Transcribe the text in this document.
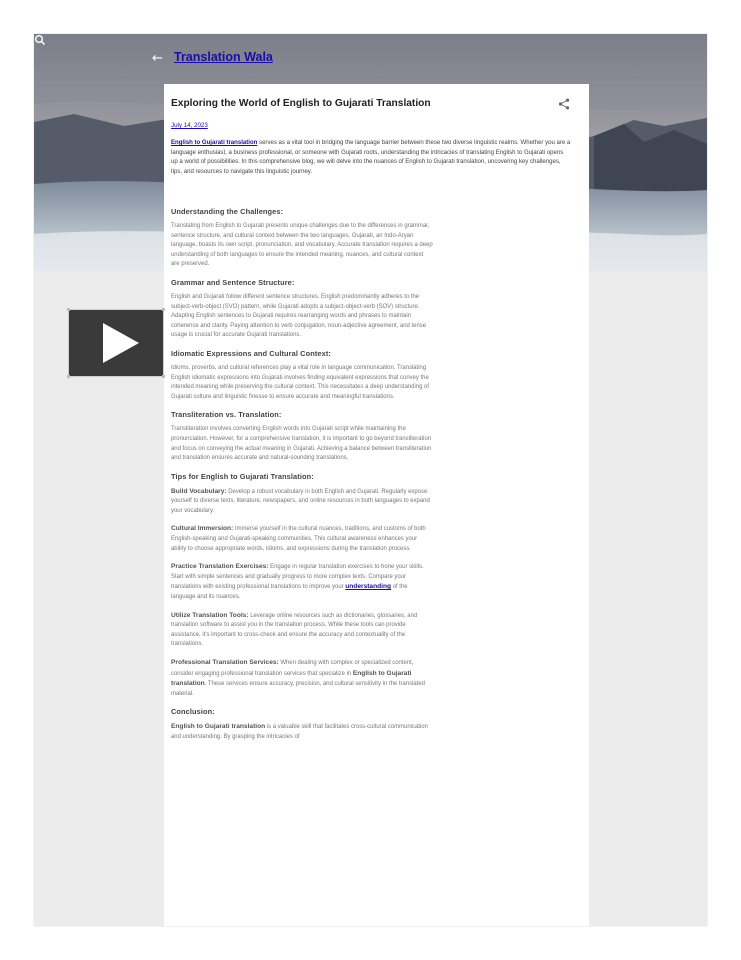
← Translation Wala
Exploring the World of English to Gujarati Translation
July 14, 2023
English to Gujarati translation serves as a vital tool in bridging the language barrier between these two diverse linguistic realms. Whether you are a language enthusiast, a business professional, or someone with Gujarati roots, understanding the intricacies of translating English to Gujarati opens up a world of possibilities. In this comprehensive blog, we will delve into the nuances of English to Gujarati translation, uncovering key challenges, tips, and resources to navigate this linguistic journey.
Understanding the Challenges:

Translating from English to Gujarati presents unique challenges due to the differences in grammar, sentence structure, and cultural context between the two languages. Gujarati, an Indo-Aryan language, boasts its own script, pronunciation, and vocabulary. Accurate translation requires a deep understanding of both languages to ensure the intended meaning, nuances, and cultural context are preserved.

Grammar and Sentence Structure:

English and Gujarati follow different sentence structures. English predominantly adheres to the subject-verb-object (SVO) pattern, while Gujarati adopts a subject-object-verb (SOV) structure. Adapting English sentences to Gujarati requires rearranging words and phrases to maintain coherence and clarity. Paying attention to verb conjugation, noun-adjective agreement, and tense usage is crucial for accurate Gujarati translations.

Idiomatic Expressions and Cultural Context:

Idioms, proverbs, and cultural references play a vital role in language communication. Translating English idiomatic expressions into Gujarati involves finding equivalent expressions that convey the intended meaning while preserving the cultural context. This necessitates a deep understanding of Gujarati culture and linguistic finesse to ensure accurate and meaningful translations.

Transliteration vs. Translation:

Transliteration involves converting English words into Gujarati script while maintaining the pronunciation. However, for a comprehensive translation, it is important to go beyond transliteration and focus on conveying the actual meaning in Gujarati. Achieving a balance between transliteration and translation ensures accurate and natural-sounding translations.

Tips for English to Gujarati Translation:

Build Vocabulary: Develop a robust vocabulary in both English and Gujarati. Regularly expose yourself to diverse texts, literature, newspapers, and online resources in both languages to expand your vocabulary.

Cultural Immersion: Immerse yourself in the cultural nuances, traditions, and customs of both English-speaking and Gujarati-speaking communities. This cultural awareness enhances your ability to choose appropriate words, idioms, and expressions during the translation process.

Practice Translation Exercises: Engage in regular translation exercises to hone your skills. Start with simple sentences and gradually progress to more complex texts. Compare your translations with existing professional translations to improve your understanding of the language and its nuances.

Utilize Translation Tools: Leverage online resources such as dictionaries, glossaries, and translation software to assist you in the translation process. While these tools can provide assistance, it's important to cross-check and ensure the accuracy and contextuality of the translations.

Professional Translation Services: When dealing with complex or specialized content, consider engaging professional translation services that specialize in English to Gujarati translation. These services ensure accuracy, precision, and cultural sensitivity in the translated material.

Conclusion:

English to Gujarati translation is a valuable skill that facilitates cross-cultural communication and understanding. By grasping the intricacies of
